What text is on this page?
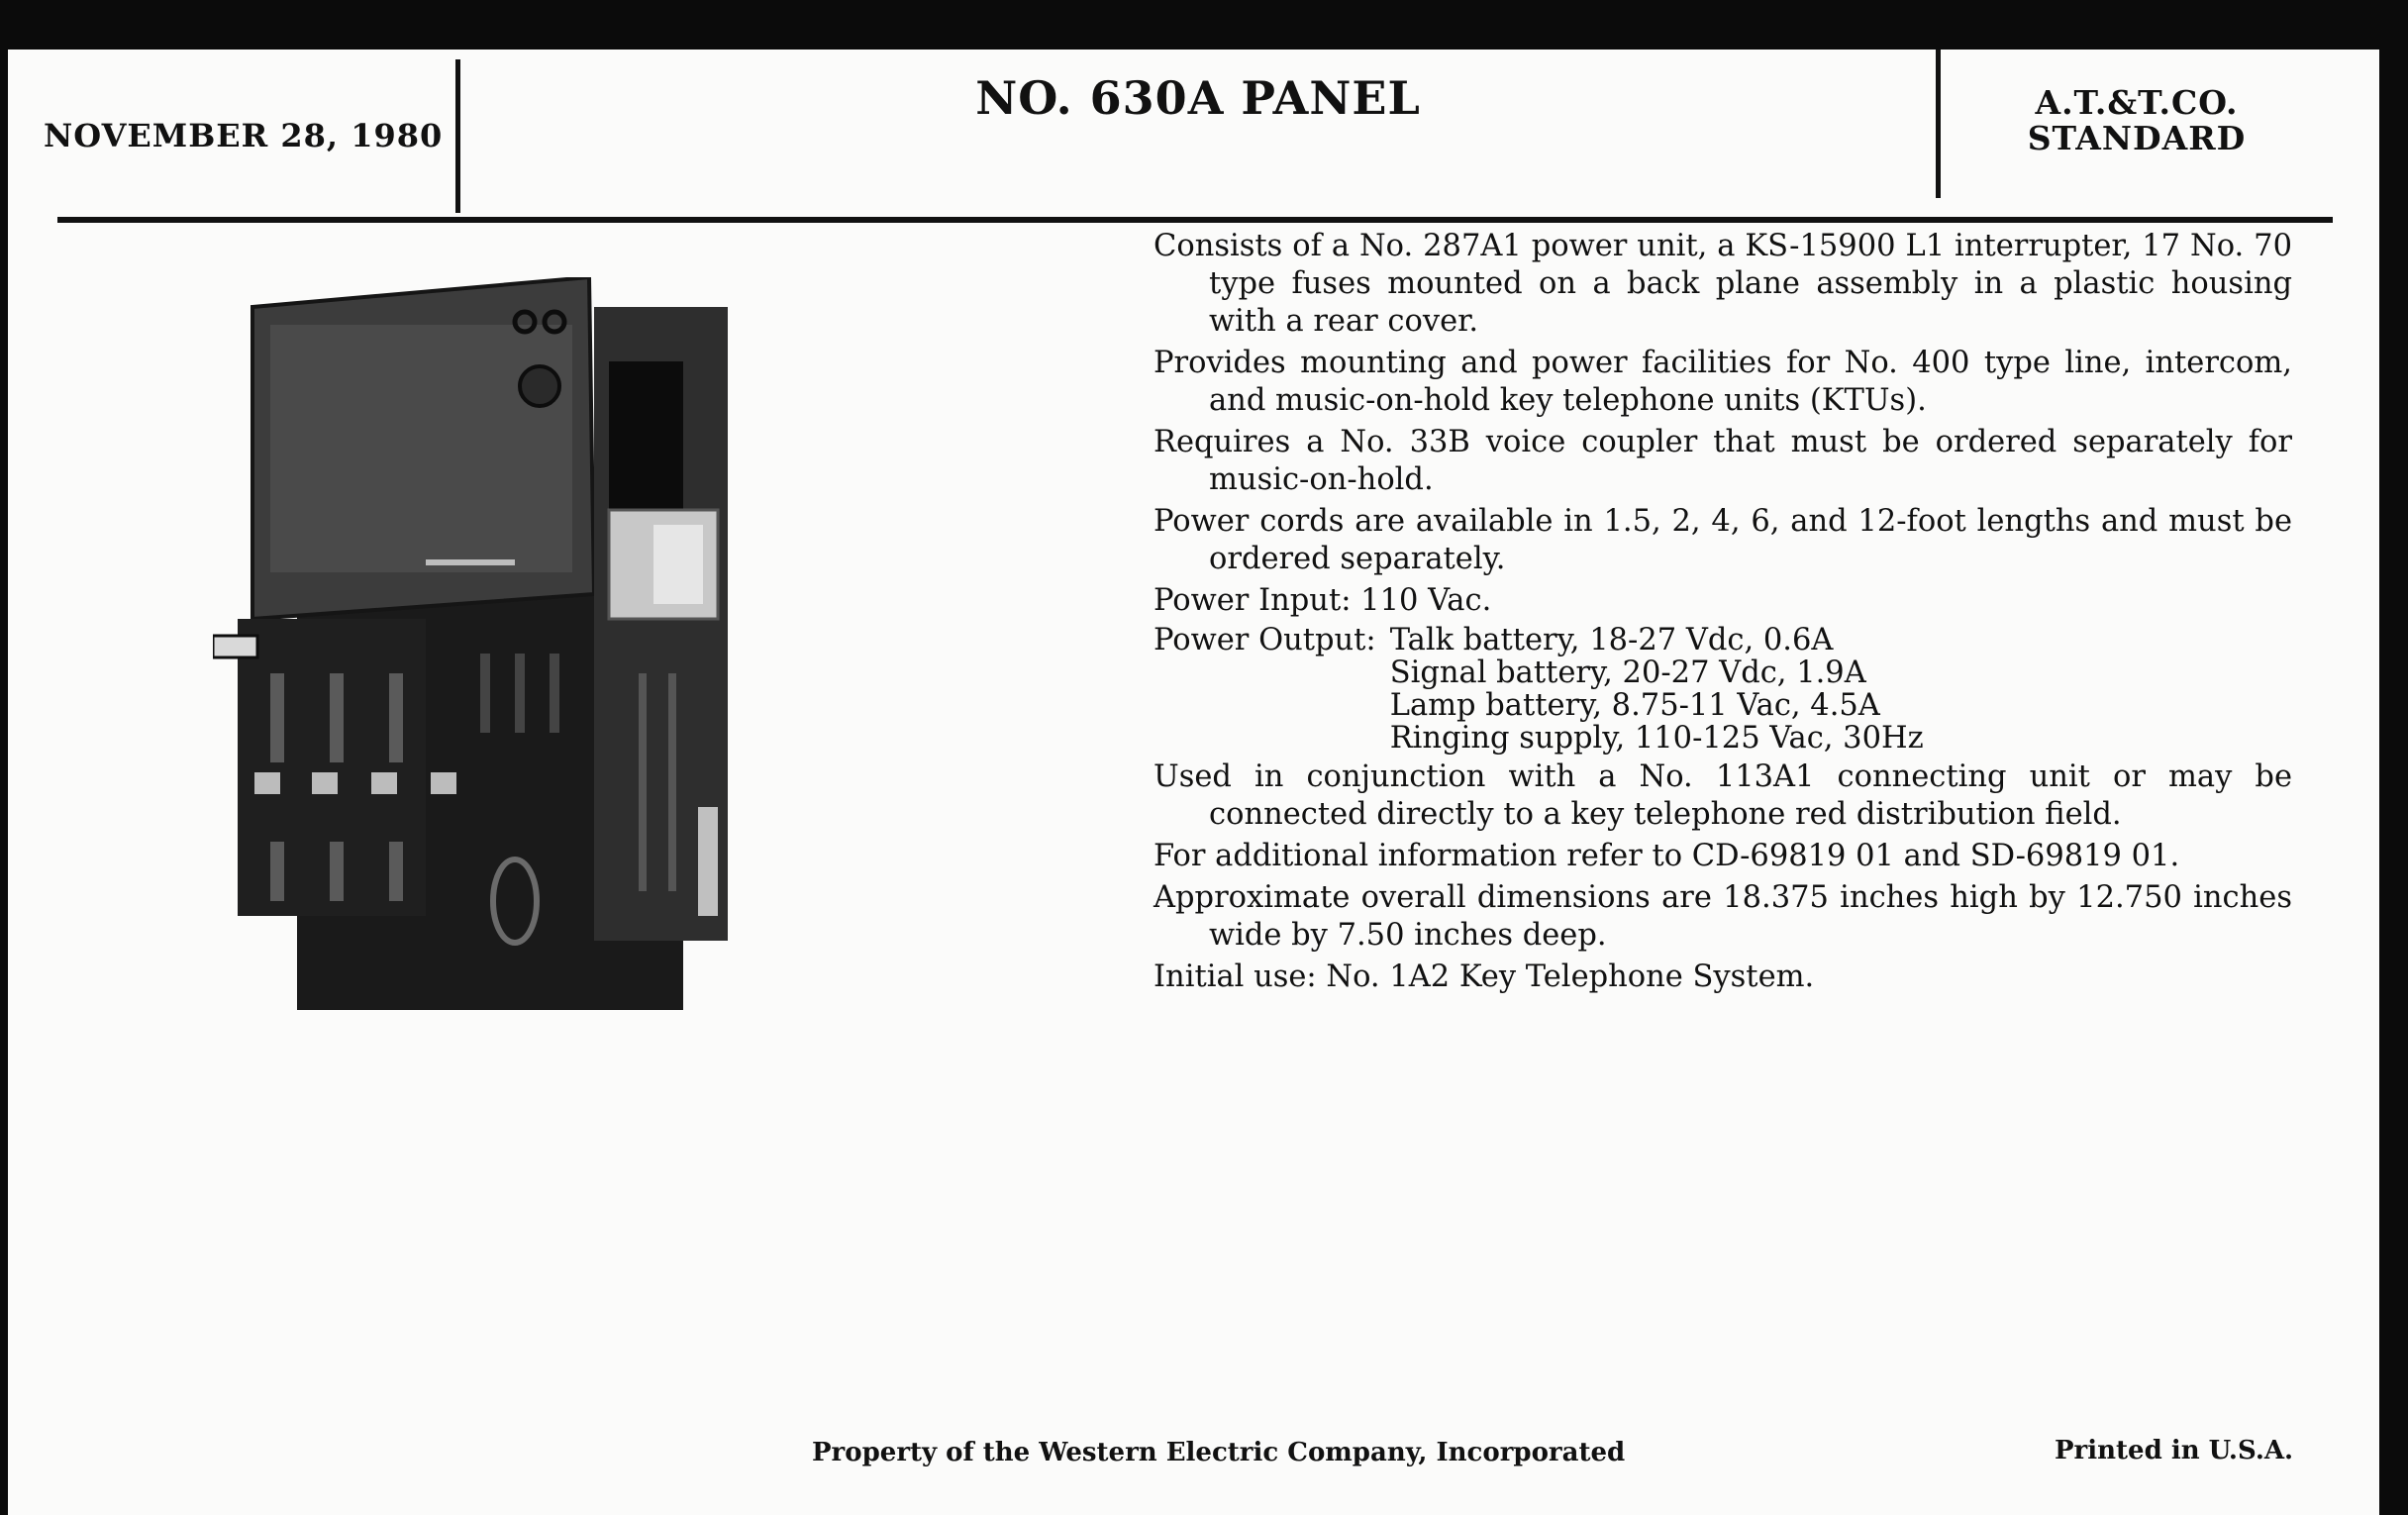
NOVEMBER 28, 1980
NO. 630A PANEL	A.T.&T.CO.
STANDARD

Consists of a No. 287A1 power unit, a KS-15900 L1 interrupter, 17 No. 70 type fuses mounted on a back plane assembly in a plastic housing with a rear cover.

Provides mounting and power facilities for No. 400 type line, intercom, and music-on-hold key telephone units (KTUs).

Requires a No. 33B voice coupler that must be ordered separately for music-on-hold.

Power cords are available in 1.5, 2, 4, 6, and 12-foot lengths and must be ordered separately.

Power Input: 110 Vac.

Power Output: Talk battery, 18-27 Vdc, 0.6A
Signal battery, 20-27 Vdc, 1.9A
Lamp battery, 8.75-11 Vac, 4.5A
Ringing supply, 110-125 Vac, 30Hz

Used in conjunction with a No. 113A1 connecting unit or may be connected directly to a key telephone red distribution field.

For additional information refer to CD-69819 01 and SD-69819 01.

Approximate overall dimensions are 18.375 inches high by 12.750 inches wide by 7.50 inches deep.

Initial use: No. 1A2 Key Telephone System.

Property of the Western Electric Company, Incorporated	Printed in U.S.A.
